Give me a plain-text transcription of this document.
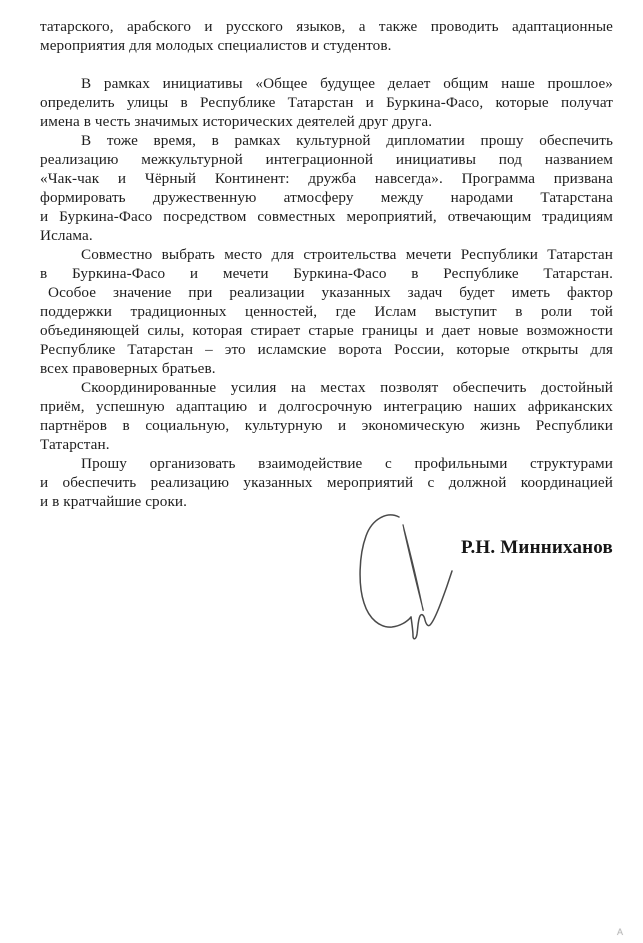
татарского, арабского и русского языков, а также проводить адаптационные
мероприятия для молодых специалистов и студентов.

В рамках инициативы «Общее будущее делает общим наше прошлое»
определить улицы в Республике Татарстан и Буркина-Фасо, которые получат
имена в честь значимых исторических деятелей друг друга.

В тоже время, в рамках культурной дипломатии прошу обеспечить
реализацию межкультурной интеграционной инициативы под названием
«Чак-чак и Чёрный Континент: дружба навсегда». Программа призвана
формировать дружественную атмосферу между народами Татарстана
и Буркина-Фасо посредством совместных мероприятий, отвечающим традициям
Ислама.

Совместно выбрать место для строительства мечети Республики Татарстан
в Буркина-Фасо и мечети Буркина-Фасо в Республике Татарстан.

Особое значение при реализации указанных задач будет иметь фактор
поддержки традиционных ценностей, где Ислам выступит в роли той
объединяющей силы, которая стирает старые границы и дает новые возможности
Республике Татарстан – это исламские ворота России, которые открыты для
всех правоверных братьев.

Скоординированные усилия на местах позволят обеспечить достойный
приём, успешную адаптацию и долгосрочную интеграцию наших африканских
партнёров в социальную, культурную и экономическую жизнь Республики
Татарстан.

Прошу организовать взаимодействие с профильными структурами
и обеспечить реализацию указанных мероприятий с должной координацией
и в кратчайшие сроки.

Р.Н. Минниханов
A
